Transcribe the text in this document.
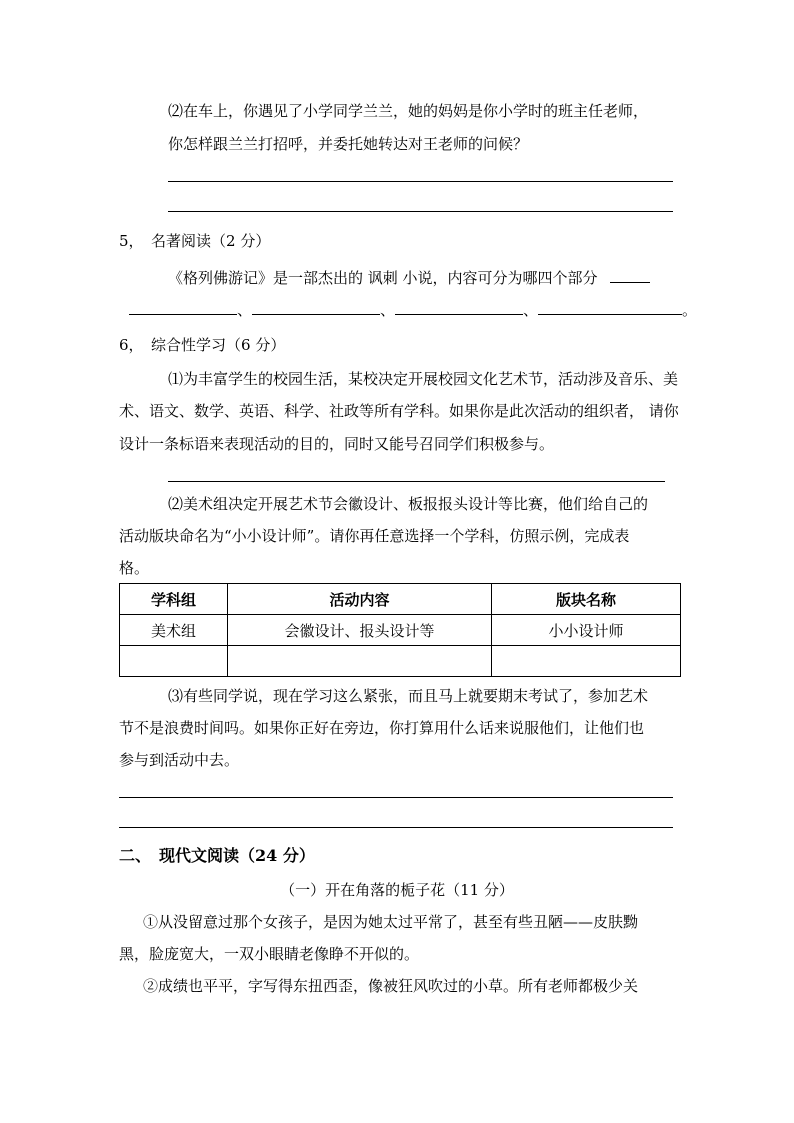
⑵在车上，你遇见了小学同学兰兰，她的妈妈是你小学时的班主任老师，
你怎样跟兰兰打招呼，并委托她转达对王老师的问候？
5，　名著阅读（2 分）
《格列佛游记》是一部杰出的 讽刺 小说，内容可分为哪四个部分
、	、	、	。
6，　综合性学习（6 分）
⑴为丰富学生的校园生活，某校决定开展校园文化艺术节，活动涉及音乐、美
术、语文、数学、英语、科学、社政等所有学科。如果你是此次活动的组织者， 请你
设计一条标语来表现活动的目的，同时又能号召同学们积极参与。
⑵美术组决定开展艺术节会徽设计、板报报头设计等比赛，他们给自己的
活动版块命名为“小小设计师”。请你再任意选择一个学科，仿照示例，完成表
格。
学科组	活动内容	版块名称
美术组	会徽设计、报头设计等	小小设计师

⑶有些同学说，现在学习这么紧张，而且马上就要期末考试了，参加艺术
节不是浪费时间吗。如果你正好在旁边，你打算用什么话来说服他们，让他们也
参与到活动中去。
二、　现代文阅读（24 分）
（一）开在角落的栀子花（11 分）
①从没留意过那个女孩子，是因为她太过平常了，甚至有些丑陋——皮肤黝
黑，脸庞宽大，一双小眼睛老像睁不开似的。
②成绩也平平，字写得东扭西歪，像被狂风吹过的小草。所有老师都极少关
